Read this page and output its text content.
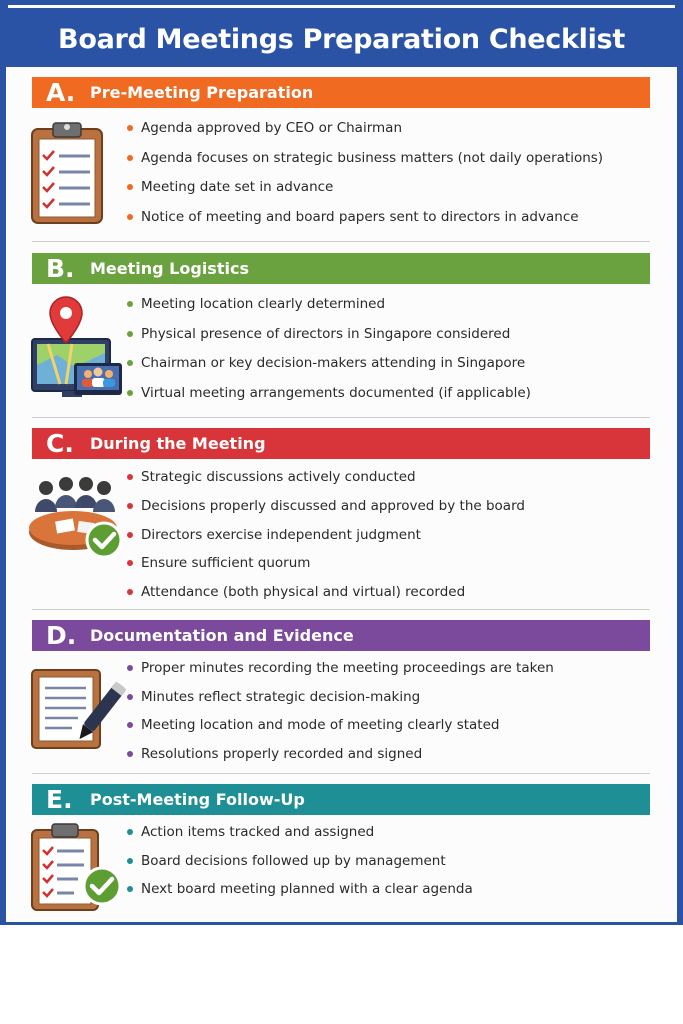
Board Meetings Preparation Checklist
A. Pre-Meeting Preparation
Agenda approved by CEO or Chairman
Agenda focuses on strategic business matters (not daily operations)
Meeting date set in advance
Notice of meeting and board papers sent to directors in advance
B. Meeting Logistics
Meeting location clearly determined
Physical presence of directors in Singapore considered
Chairman or key decision-makers attending in Singapore
Virtual meeting arrangements documented (if applicable)
C. During the Meeting
Strategic discussions actively conducted
Decisions properly discussed and approved by the board
Directors exercise independent judgment
Ensure sufficient quorum
Attendance (both physical and virtual) recorded
D. Documentation and Evidence
Proper minutes recording the meeting proceedings are taken
Minutes reflect strategic decision-making
Meeting location and mode of meeting clearly stated
Resolutions properly recorded and signed
E. Post-Meeting Follow-Up
Action items tracked and assigned
Board decisions followed up by management
Next board meeting planned with a clear agenda
